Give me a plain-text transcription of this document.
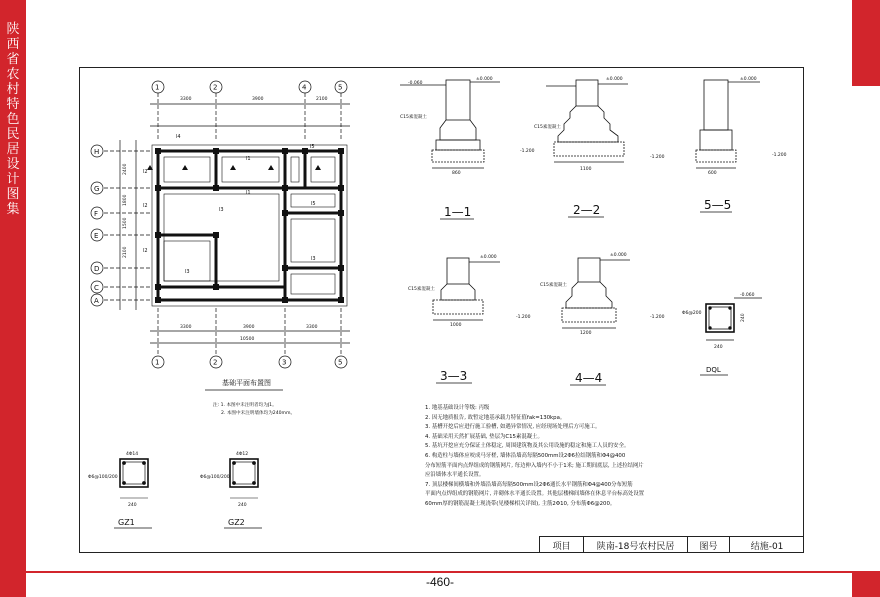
陕
西
省
农
村
特
色
民
居
设
计
图
集
-460-
1	2	4	5
3300	3900	2100
1	2	3	5
3300	3900	3300
10500
H
G
F
E
D
C
A
2400
1800
1500
2100
l4
l1
l2
l3
l3
l2
l1
l5
l2
l3
l5
基础平面布置图
-0.060
±0.000
-1.200
860
C15素混凝土
1—1
±0.000
-1.200
1100
C15素混凝土
2—2
±0.000
-1.200
600
5—5
±0.000
-1.200
1000
C15素混凝土
3—3
±0.000
-1.200
1200
C15素混凝土
4—4
-0.060
Φ6@200
240
240
DQL
4Φ14
Φ6@100/200
240
GZ1
4Φ12
Φ6@100/200
240
GZ2
注: 1. 本图中未注明者均为J1。
2. 本图中未注明墙体均为240mm。
1. 地基基础设计等级: 丙级
2. 因无地质报告, 故暂定地基承载力特征值fak=130kpa。
3. 基槽开挖后应进行施工验槽, 如遇异常情况, 应经现场处理后方可施工。
4. 基础采用天然扩展基础, 垫层为C15素混凝土。
5. 基坑开挖应充分保证土体稳定, 周围建筑物及其公用设施的稳定和施工人员的安全。
6. 构造柱与墙体应咬成马牙槎, 墙体沿墙高每隔500mm设2Φ6拉结钢筋和Φ4@400
分布短筋平面内点焊组成的钢筋网片, 每边伸入墙内不小于1米; 施工期间底层, 上述拉结网片
应沿墙体水平通长设置。
7. 顶层楼梯间横墙和外墙沿墙高每隔500mm设2Φ6通长水平钢筋和Φ4@400分布短筋
平面内点焊组成的钢筋网片, 并砌体水平通长设置。其他层楼梯间墙体在休息平台标高处设置
60mm厚的钢筋混凝土现浇带(见楼梯相关详图), 主筋2Φ10, 分布筋Φ6@200。
项目	陕南-18号农村民居	图号	结施-01
